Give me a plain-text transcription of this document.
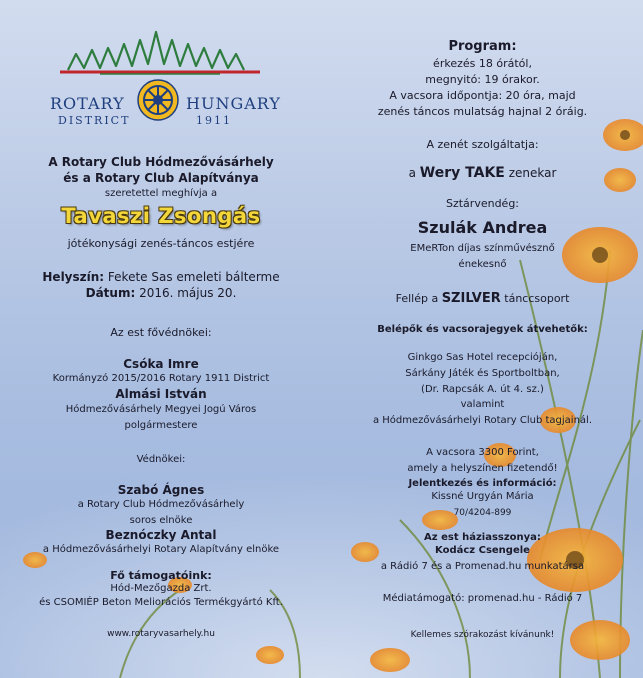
ROTARY	HUNGARY
DISTRICT	1911
A Rotary Club Hódmezővásárhely
és a Rotary Club Alapítványa
szeretettel meghívja a
Tavaszi Zsongás
jótékonysági zenés-táncos estjére
Helyszín: Fekete Sas emeleti bálterme
Dátum: 2016. május 20.
Az est fővédnökei:
Csóka Imre
Kormányzó 2015/2016 Rotary 1911 District
Almási István
Hódmezővásárhely Megyei Jogú Város
polgármestere
Védnökei:
Szabó Ágnes
a Rotary Club Hódmezővásárhely
soros elnöke
Beznóczky Antal
a Hódmezővásárhelyi Rotary Alapítvány elnöke
Fő támogatóink:
Hód-Mezőgazda Zrt.
és CSOMIÉP Beton Meliorációs Termékgyártó Kft.
www.rotaryvasarhely.hu
Program:
érkezés 18 órától,
megnyitó: 19 órakor.
A vacsora időpontja: 20 óra, majd
zenés táncos mulatság hajnal 2 óráig.
A zenét szolgáltatja:
a Wery TAKE zenekar
Sztárvendég:
Szulák Andrea
EMeRTon díjas színművésznő
énekesnő
Fellép a SZILVER tánccsoport
Belépők és vacsorajegyek átvehetők:
Ginkgo Sas Hotel recepcióján,
Sárkány Játék és Sportboltban,
(Dr. Rapcsák A. út 4. sz.)
valamint
a Hódmezővásárhelyi Rotary Club tagjainál.
A vacsora 3300 Forint,
amely a helyszínen fizetendő!
Jelentkezés és információ:
Kissné Urgyán Mária
70/4204-899
Az est háziasszonya:
Kodácz Csengele
a Rádió 7 és a Promenad.hu munkatársa
Médiatámogató: promenad.hu - Rádió 7
Kellemes szórakozást kívánunk!
